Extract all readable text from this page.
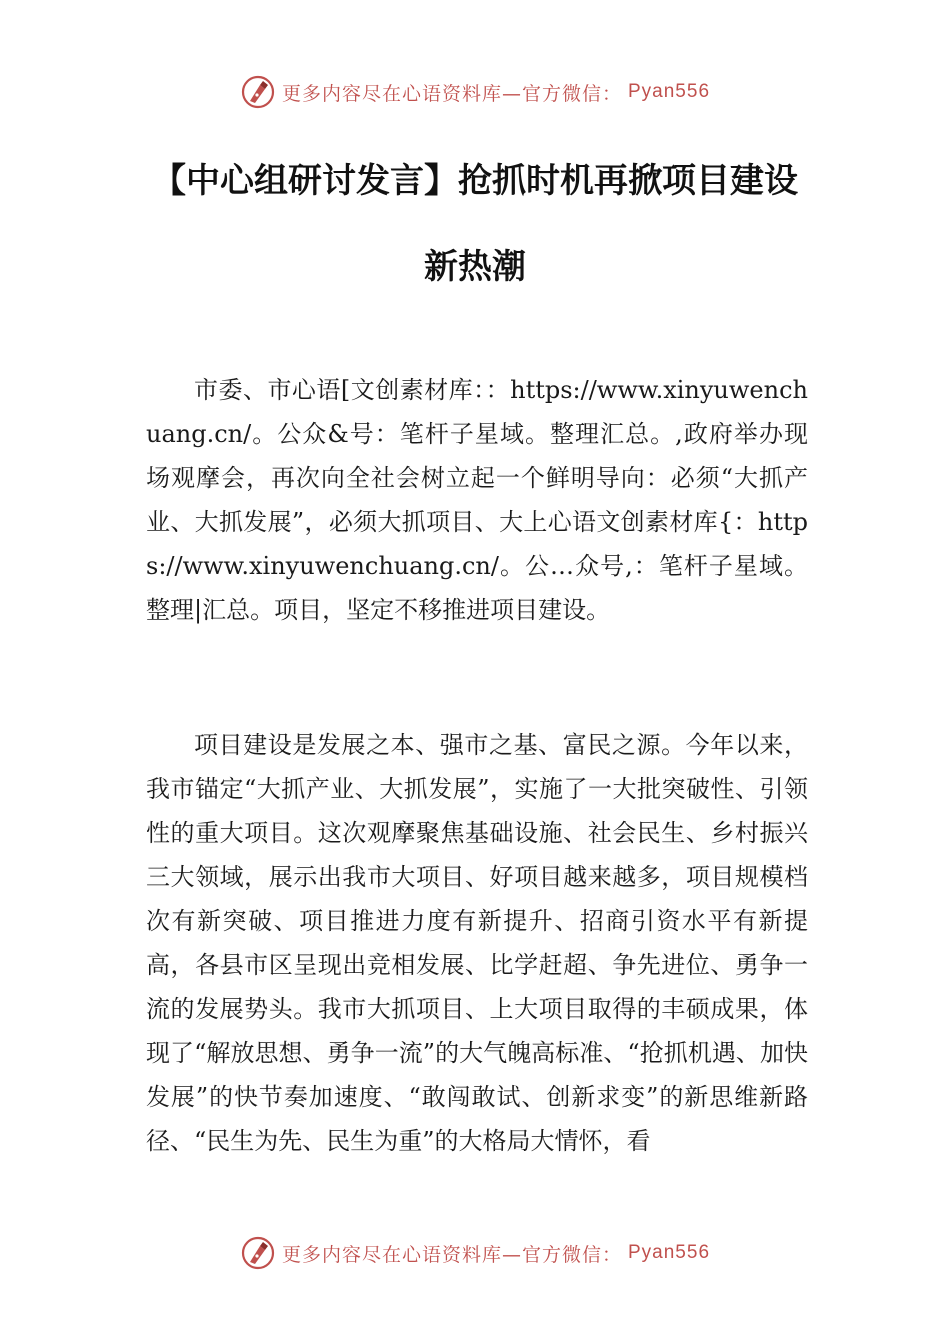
更多内容尽在心语资料库—官方微信： Pyan556
【中心组研讨发言】抢抓时机再掀项目建设
新热潮

市委、市心语[文创素材库：：https://www.xinyuwenchuang.cn/。公众&号：笔杆子星域。整理汇总。,政府举办现场观摩会，再次向全社会树立起一个鲜明导向：必须“大抓产业、大抓发展”，必须大抓项目、大上心语文创素材库{：https://www.xinyuwenchuang.cn/。公…众号,：笔杆子星域。整理|汇总。项目，坚定不移推进项目建设。

项目建设是发展之本、强市之基、富民之源。今年以来，我市锚定“大抓产业、大抓发展”，实施了一大批突破性、引领性的重大项目。这次观摩聚焦基础设施、社会民生、乡村振兴三大领域，展示出我市大项目、好项目越来越多，项目规模档次有新突破、项目推进力度有新提升、招商引资水平有新提高，各县市区呈现出竞相发展、比学赶超、争先进位、勇争一流的发展势头。我市大抓项目、上大项目取得的丰硕成果，体现了“解放思想、勇争一流”的大气魄高标准、“抢抓机遇、加快发展”的快节奏加速度、“敢闯敢试、创新求变”的新思维新路径、“民生为先、民生为重”的大格局大情怀，看

更多内容尽在心语资料库—官方微信： Pyan556
